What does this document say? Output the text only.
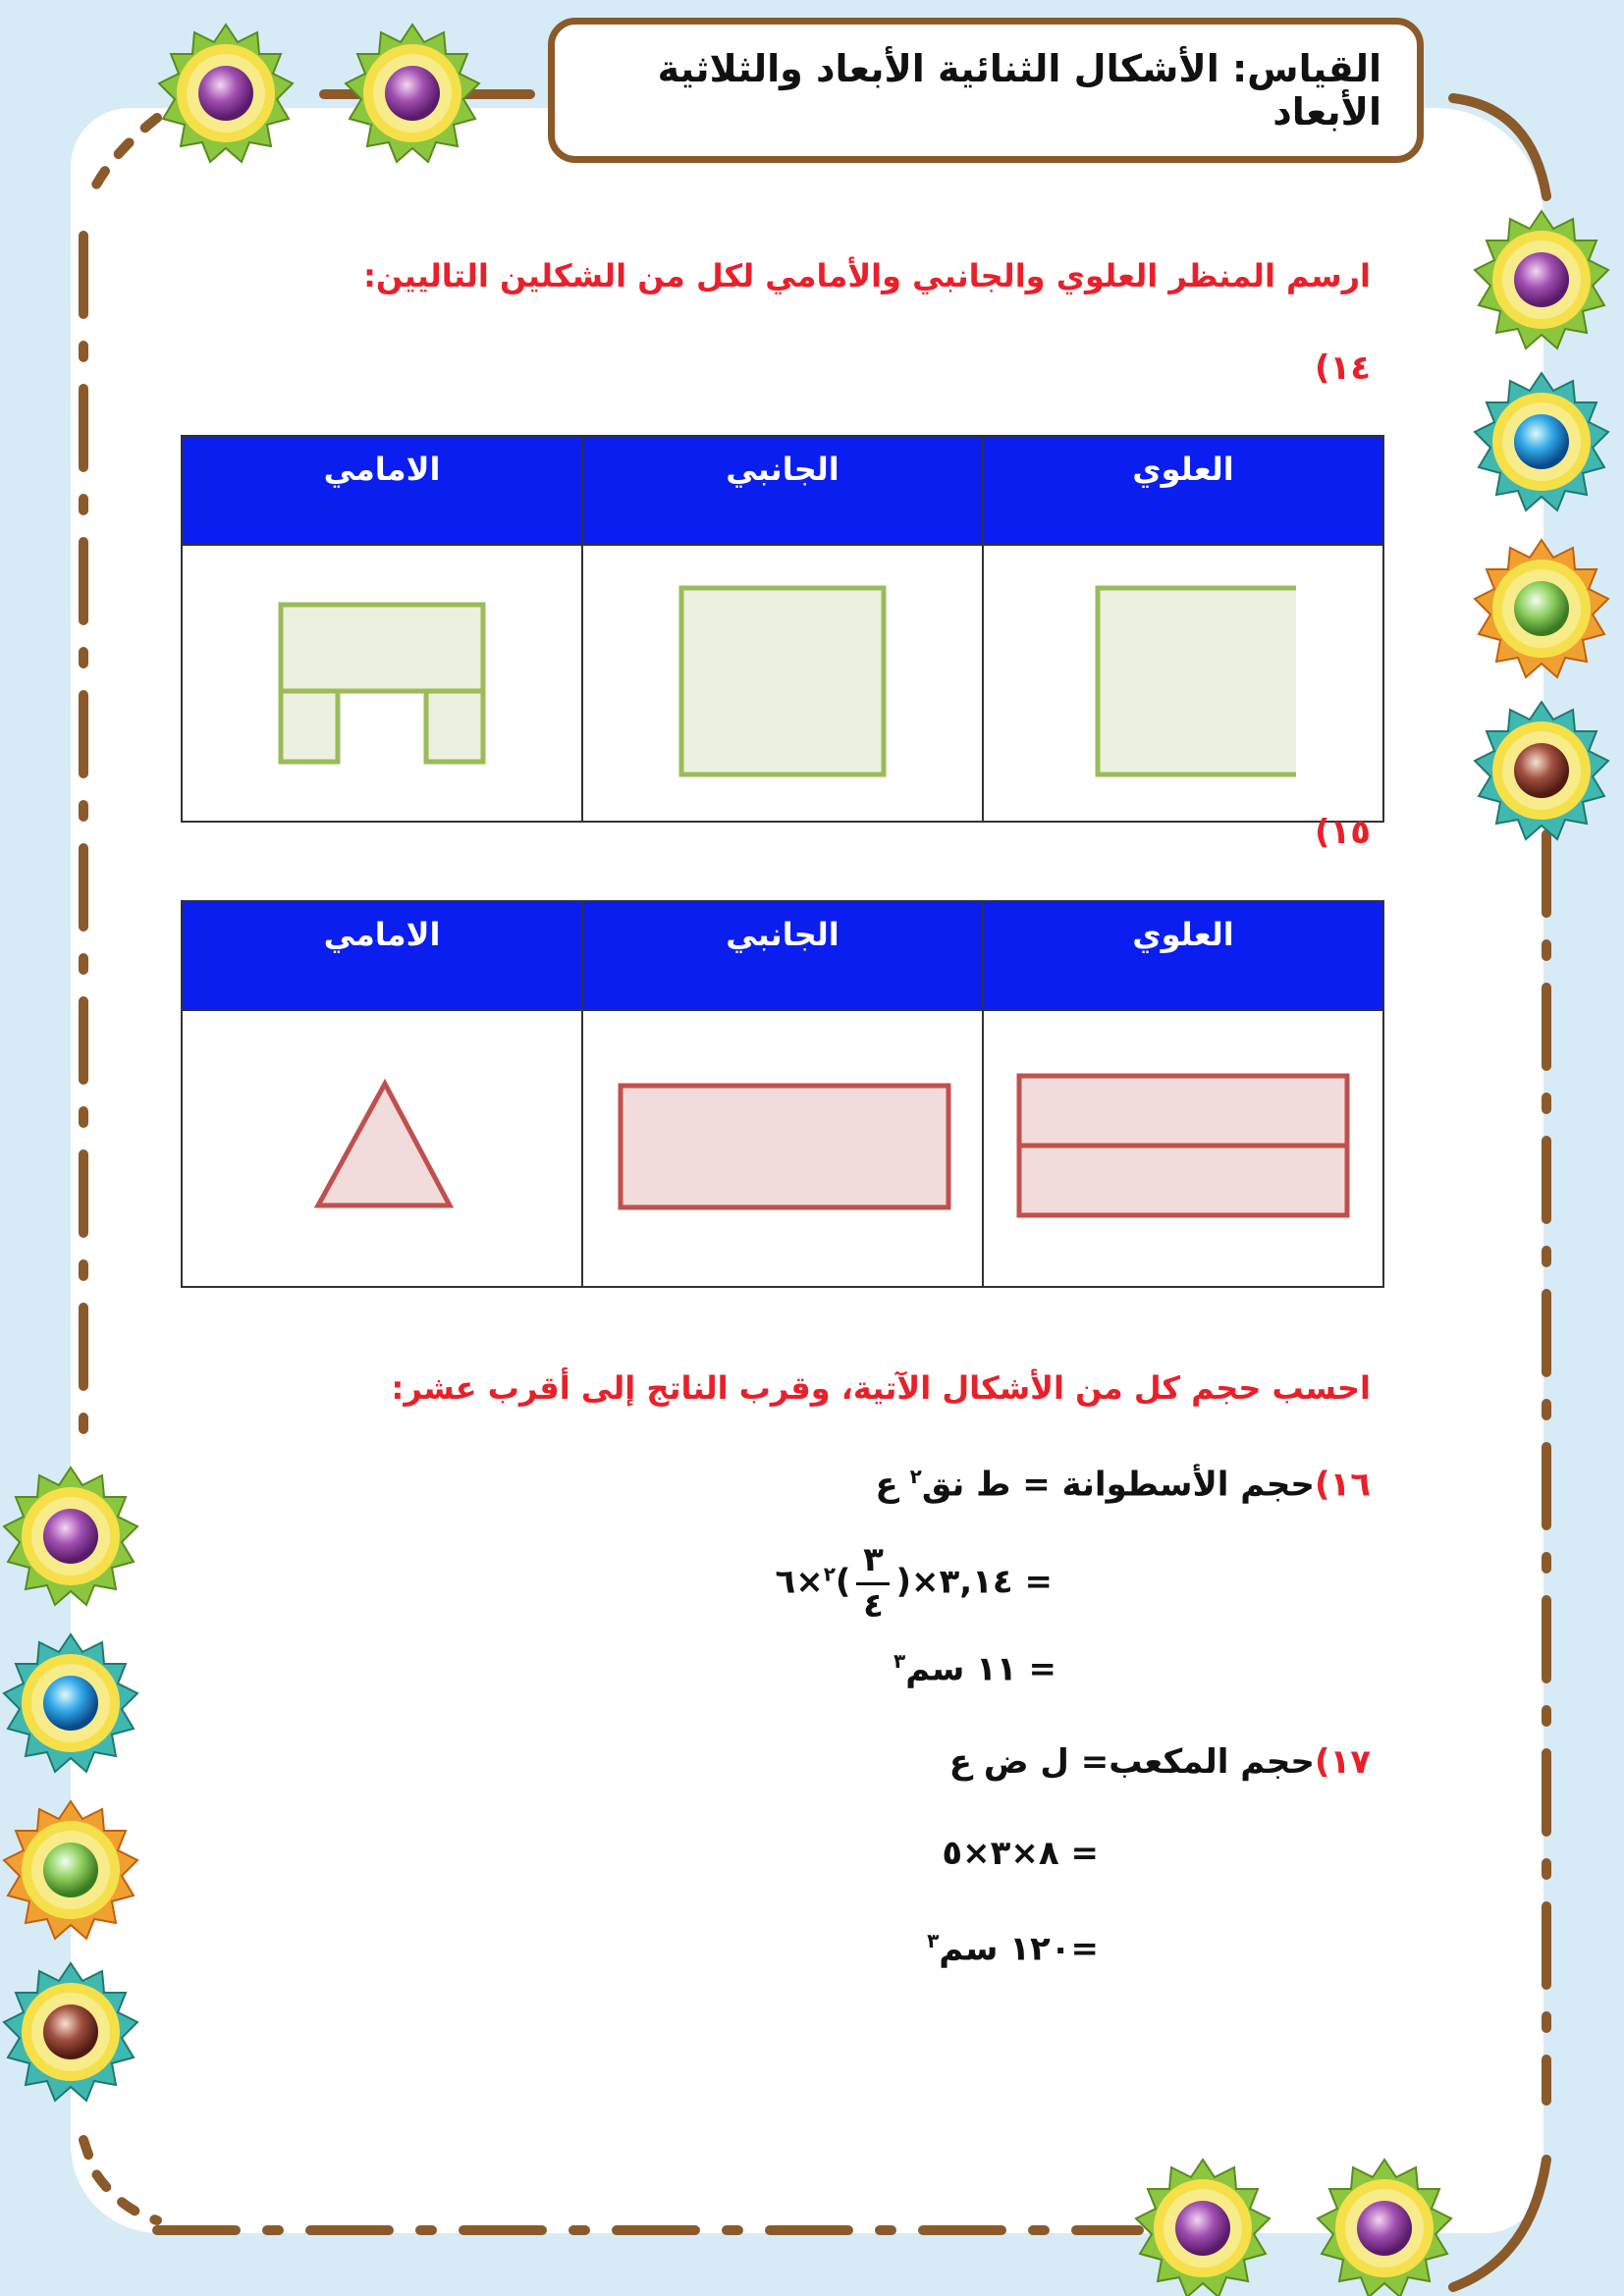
القياس: الأشكال الثنائية الأبعاد والثلاثية الأبعاد
ارسم المنظر العلوي والجانبي والأمامي لكل من الشكلين التاليين:
١٤)
العلوي	الجانبي	الامامي

١٥)
العلوي	الجانبي	الامامي

احسب حجم كل من الأشكال الآتية، وقرب الناتج إلى أقرب عشر:
١٦)حجم الأسطوانة = ط نق$^٢$ ع
= ٣,١٤×(
$\frac{٣}{٤}$
)$^٢$×٦
= ١١ سم$^٣$
١٧)حجم المكعب= ل ض ع
= ٨×٣×٥
=١٢٠ سم$^٣$
